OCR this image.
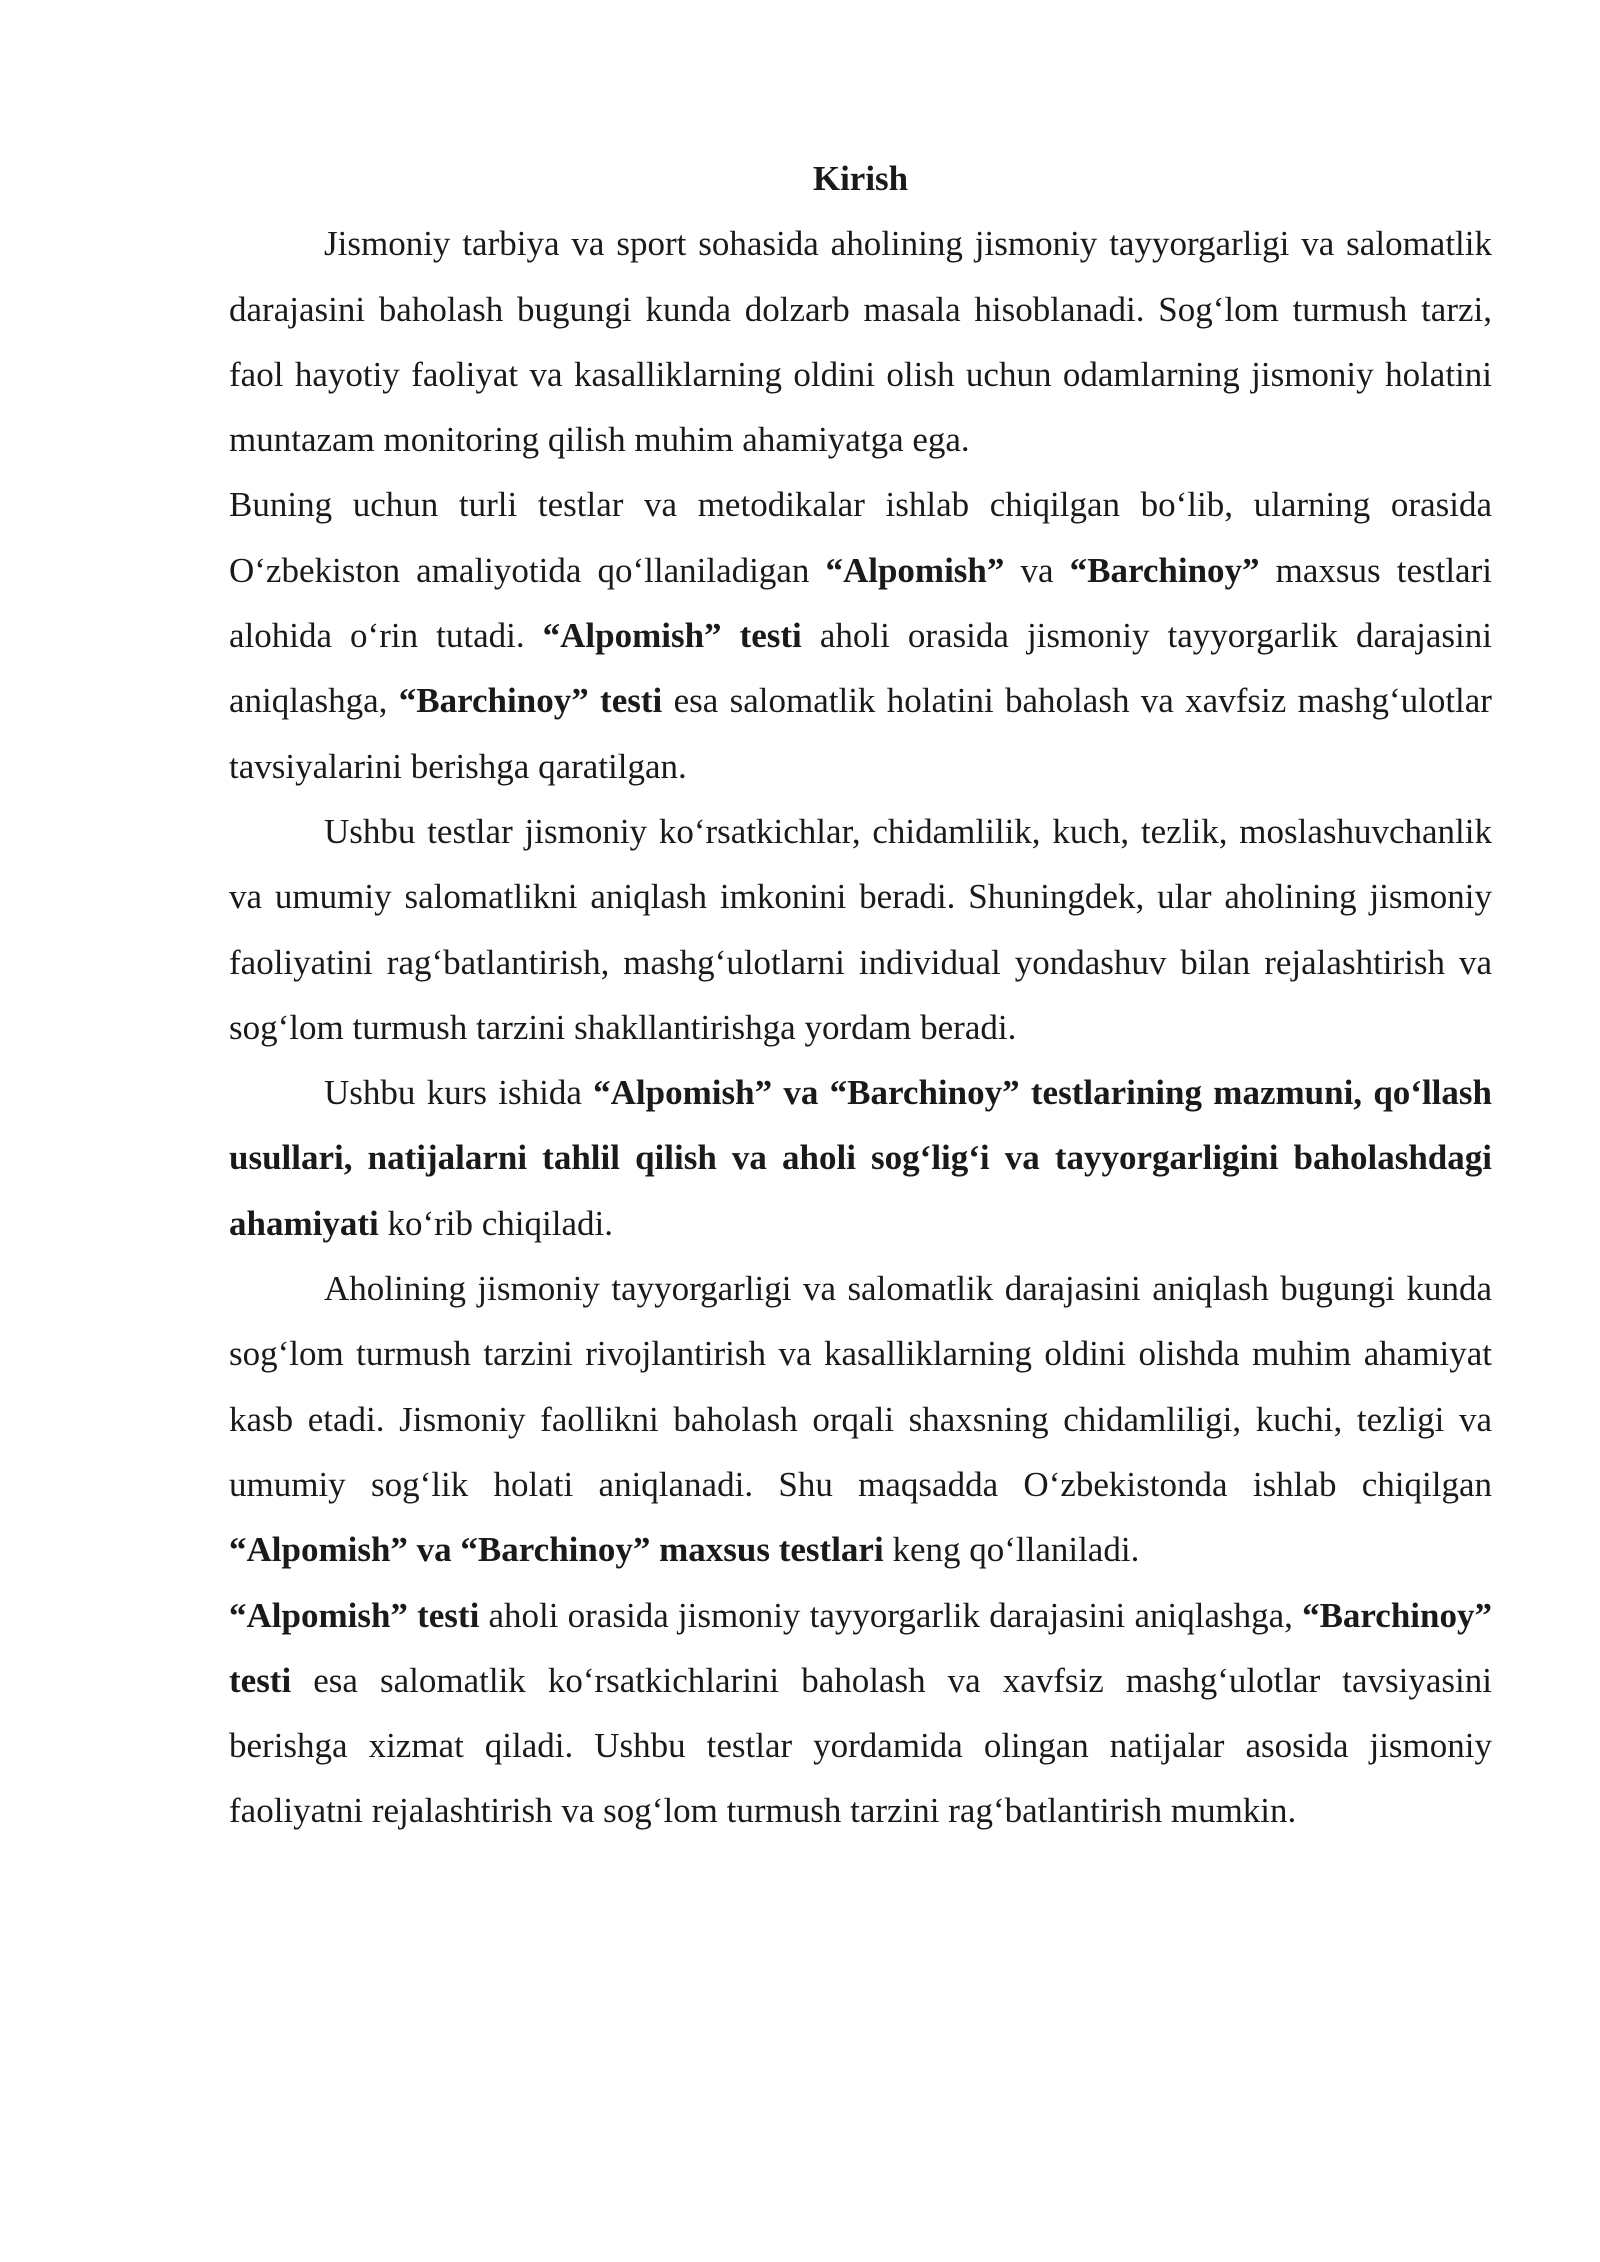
Kirish

Jismoniy tarbiya va sport sohasida aholining jismoniy tayyorgarligi va salomatlik darajasini baholash bugungi kunda dolzarb masala hisoblanadi. Sog‘lom turmush tarzi, faol hayotiy faoliyat va kasalliklarning oldini olish uchun odamlarning jismoniy holatini muntazam monitoring qilish muhim ahamiyatga ega.

Buning uchun turli testlar va metodikalar ishlab chiqilgan bo‘lib, ularning orasida O‘zbekiston amaliyotida qo‘llaniladigan “Alpomish” va “Barchinoy” maxsus testlari alohida o‘rin tutadi. “Alpomish” testi aholi orasida jismoniy tayyorgarlik darajasini aniqlashga, “Barchinoy” testi esa salomatlik holatini baholash va xavfsiz mashg‘ulotlar tavsiyalarini berishga qaratilgan.

Ushbu testlar jismoniy ko‘rsatkichlar, chidamlilik, kuch, tezlik, moslashuvchanlik va umumiy salomatlikni aniqlash imkonini beradi. Shuningdek, ular aholining jismoniy faoliyatini rag‘batlantirish, mashg‘ulotlarni individual yondashuv bilan rejalashtirish va sog‘lom turmush tarzini shakllantirishga yordam beradi.

Ushbu kurs ishida “Alpomish” va “Barchinoy” testlarining mazmuni, qo‘llash usullari, natijalarni tahlil qilish va aholi sog‘lig‘i va tayyorgarligini baholashdagi ahamiyati ko‘rib chiqiladi.

Aholining jismoniy tayyorgarligi va salomatlik darajasini aniqlash bugungi kunda sog‘lom turmush tarzini rivojlantirish va kasalliklarning oldini olishda muhim ahamiyat kasb etadi. Jismoniy faollikni baholash orqali shaxsning chidamliligi, kuchi, tezligi va umumiy sog‘lik holati aniqlanadi. Shu maqsadda O‘zbekistonda ishlab chiqilgan “Alpomish” va “Barchinoy” maxsus testlari keng qo‘llaniladi.

“Alpomish” testi aholi orasida jismoniy tayyorgarlik darajasini aniqlashga, “Barchinoy” testi esa salomatlik ko‘rsatkichlarini baholash va xavfsiz mashg‘ulotlar tavsiyasini berishga xizmat qiladi. Ushbu testlar yordamida olingan natijalar asosida jismoniy faoliyatni rejalashtirish va sog‘lom turmush tarzini rag‘batlantirish mumkin.
